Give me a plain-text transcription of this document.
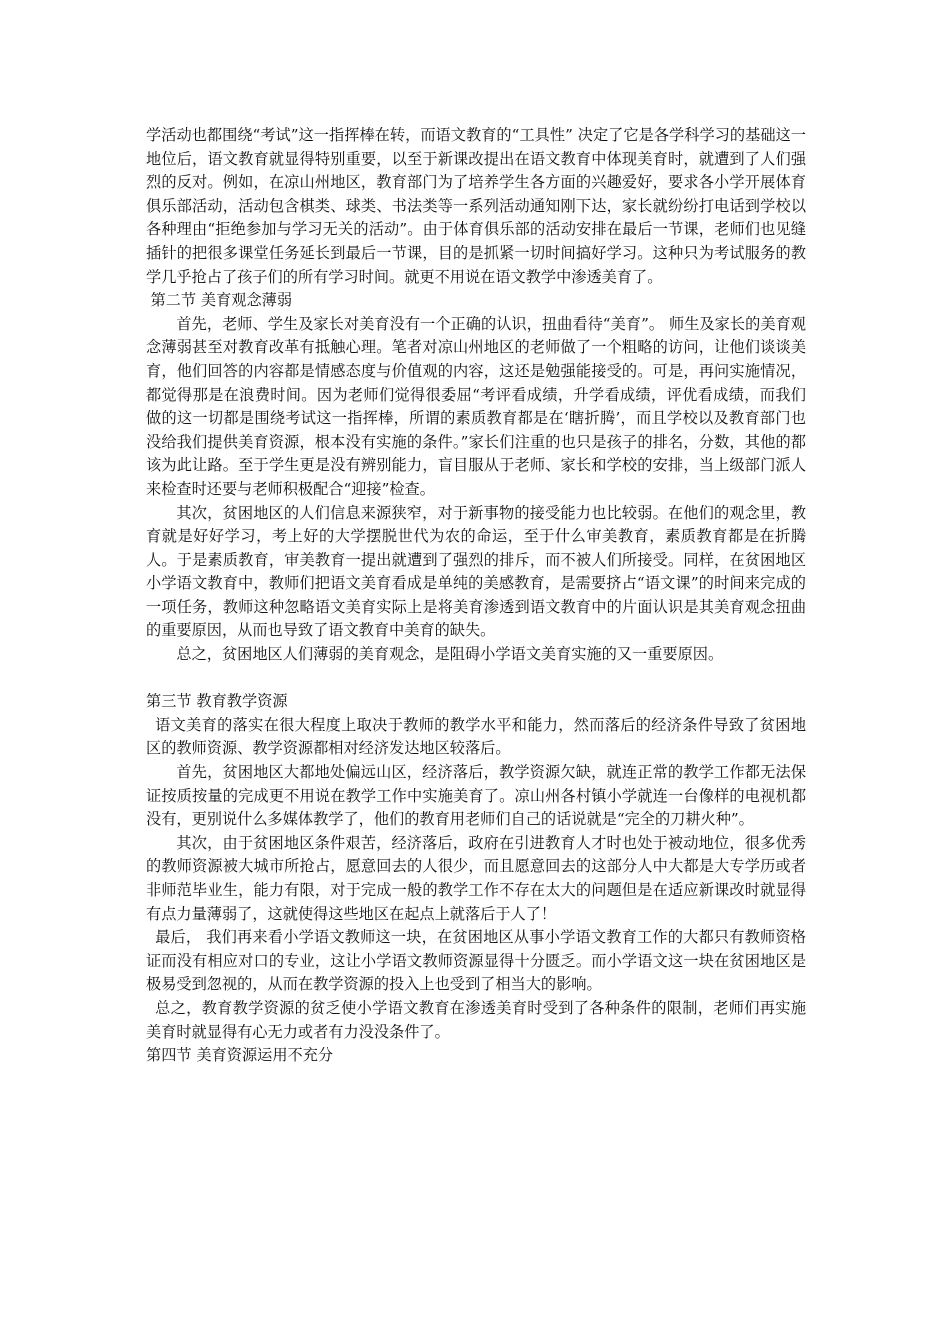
学活动也都围绕“考试”这一指挥棒在转，而语文教育的“工具性” 决定了它是各学科学习的基础这一地位后，语文教育就显得特别重要，以至于新课改提出在语文教育中体现美育时，就遭到了人们强烈的反对。例如，在凉山州地区，教育部门为了培养学生各方面的兴趣爱好，要求各小学开展体育俱乐部活动，活动包含棋类、球类、书法类等一系列活动通知刚下达，家长就纷纷打电话到学校以各种理由“拒绝参加与学习无关的活动”。由于体育俱乐部的活动安排在最后一节课，老师们也见缝插针的把很多课堂任务延长到最后一节课，目的是抓紧一切时间搞好学习。这种只为考试服务的教学几乎抢占了孩子们的所有学习时间。就更不用说在语文教学中渗透美育了。

第二节 美育观念薄弱

首先，老师、学生及家长对美育没有一个正确的认识，扭曲看待“美育”。 师生及家长的美育观念薄弱甚至对教育改革有抵触心理。笔者对凉山州地区的老师做了一个粗略的访问，让他们谈谈美育，他们回答的内容都是情感态度与价值观的内容，这还是勉强能接受的。可是，再问实施情况，都觉得那是在浪费时间。因为老师们觉得很委屈“考评看成绩，升学看成绩，评优看成绩，而我们做的这一切都是围绕考试这一指挥棒，所谓的素质教育都是在‘瞎折腾’，而且学校以及教育部门也没给我们提供美育资源，根本没有实施的条件。”家长们注重的也只是孩子的排名，分数，其他的都该为此让路。至于学生更是没有辨别能力，盲目服从于老师、家长和学校的安排，当上级部门派人来检查时还要与老师积极配合“迎接”检查。

其次，贫困地区的人们信息来源狭窄，对于新事物的接受能力也比较弱。在他们的观念里，教育就是好好学习，考上好的大学摆脱世代为农的命运，至于什么审美教育，素质教育都是在折腾人。于是素质教育，审美教育一提出就遭到了强烈的排斥，而不被人们所接受。同样，在贫困地区小学语文教育中，教师们把语文美育看成是单纯的美感教育，是需要挤占“语文课”的时间来完成的一项任务，教师这种忽略语文美育实际上是将美育渗透到语文教育中的片面认识是其美育观念扭曲的重要原因，从而也导致了语文教育中美育的缺失。

总之，贫困地区人们薄弱的美育观念，是阻碍小学语文美育实施的又一重要原因。

第三节 教育教学资源

语文美育的落实在很大程度上取决于教师的教学水平和能力，然而落后的经济条件导致了贫困地区的教师资源、教学资源都相对经济发达地区较落后。

首先，贫困地区大都地处偏远山区，经济落后，教学资源欠缺，就连正常的教学工作都无法保证按质按量的完成更不用说在教学工作中实施美育了。凉山州各村镇小学就连一台像样的电视机都没有，更别说什么多媒体教学了，他们的教育用老师们自己的话说就是“完全的刀耕火种”。

其次，由于贫困地区条件艰苦，经济落后，政府在引进教育人才时也处于被动地位，很多优秀的教师资源被大城市所抢占，愿意回去的人很少，而且愿意回去的这部分人中大都是大专学历或者非师范毕业生，能力有限，对于完成一般的教学工作不存在太大的问题但是在适应新课改时就显得有点力量薄弱了，这就使得这些地区在起点上就落后于人了！

最后， 我们再来看小学语文教师这一块，在贫困地区从事小学语文教育工作的大都只有教师资格证而没有相应对口的专业，这让小学语文教师资源显得十分匮乏。而小学语文这一块在贫困地区是极易受到忽视的，从而在教学资源的投入上也受到了相当大的影响。

总之，教育教学资源的贫乏使小学语文教育在渗透美育时受到了各种条件的限制，老师们再实施美育时就显得有心无力或者有力没没条件了。

第四节 美育资源运用不充分
